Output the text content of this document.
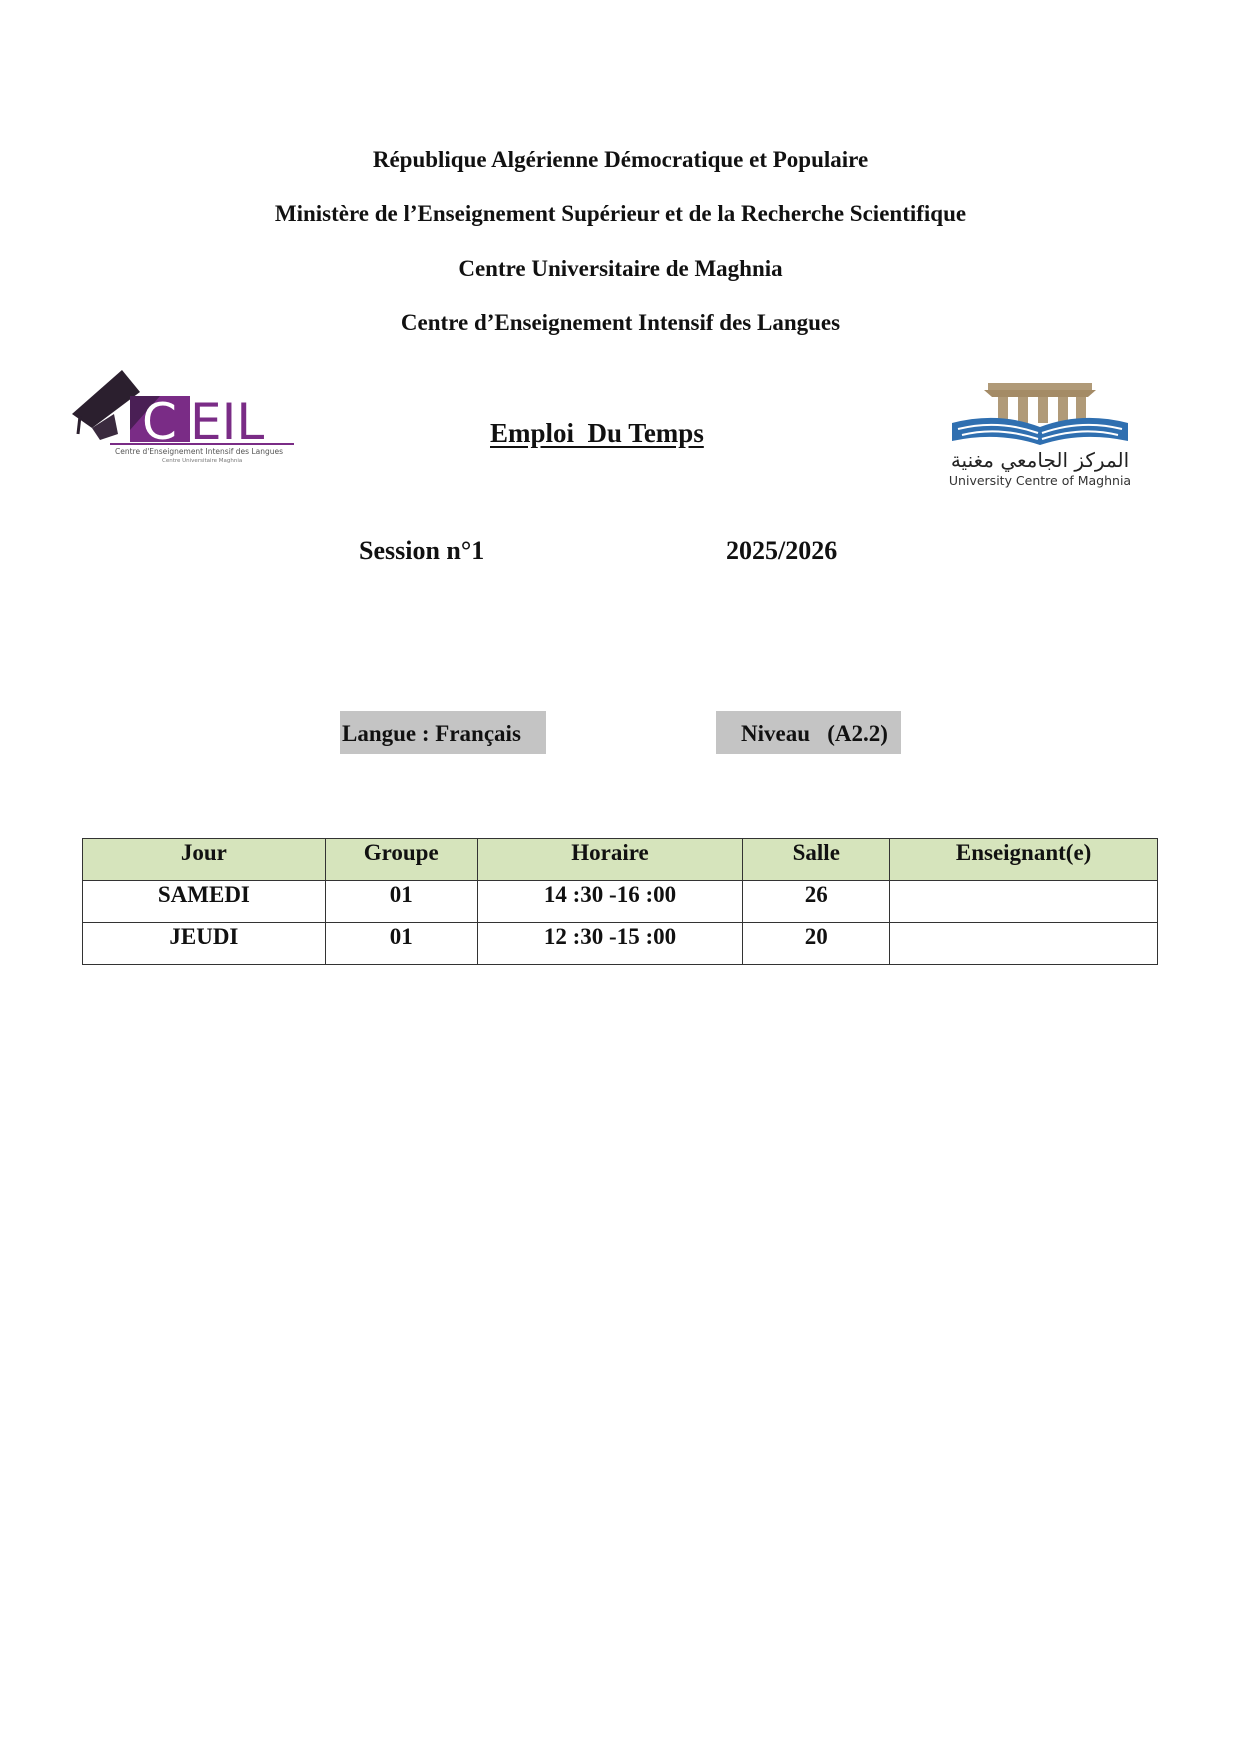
République Algérienne Démocratique et Populaire
Ministère de l’Enseignement Supérieur et de la Recherche Scientifique
Centre Universitaire de Maghnia
Centre d’Enseignement Intensif des Langues
C EIL
Centre d'Enseignement Intensif des Langues
Centre Universitaire Maghnia
Emploi  Du Temps
المركز الجامعي مغنية
University Centre of Maghnia
Session n°1	2025/2026
Langue : Français	Niveau   (A2.2)
Jour	Groupe	Horaire	Salle	Enseignant(e)
SAMEDI	01	14 :30 -16 :00	26	
JEUDI	01	12 :30 -15 :00	20	
